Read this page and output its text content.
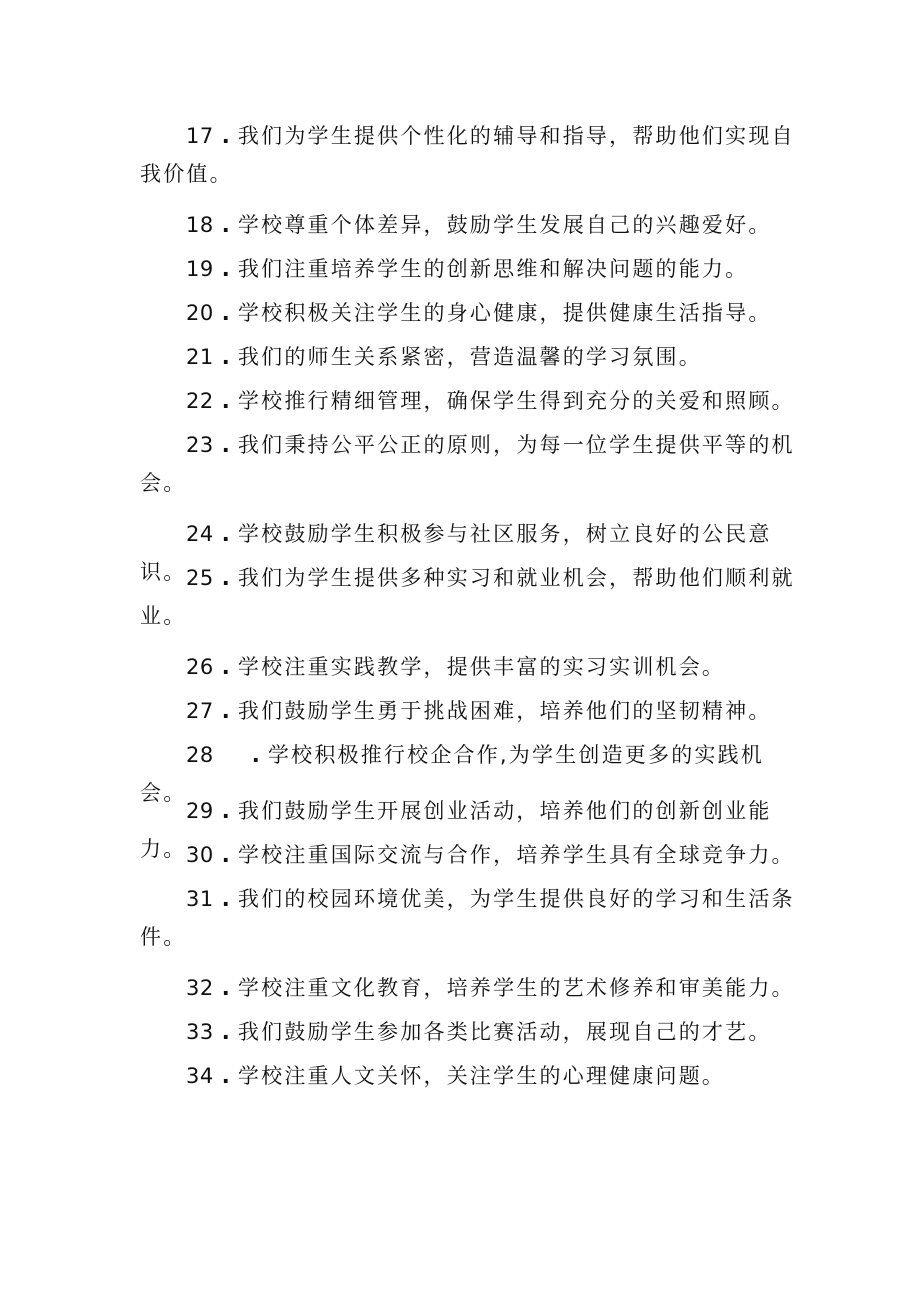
17 . 我们为学生提供个性化的辅导和指导，帮助他们实现自
我价值。

18 . 学校尊重个体差异，鼓励学生发展自己的兴趣爱好。

19 . 我们注重培养学生的创新思维和解决问题的能力。

20 . 学校积极关注学生的身心健康，提供健康生活指导。

21 . 我们的师生关系紧密，营造温馨的学习氛围。

22 . 学校推行精细管理，确保学生得到充分的关爱和照顾。

23 . 我们秉持公平公正的原则，为每一位学生提供平等的机
会。

24 . 学校鼓励学生积极参与社区服务，树立良好的公民意识。 25 . 我们为学生提供多种实习和就业机会，帮助他们顺利就
业。

26 . 学校注重实践教学，提供丰富的实习实训机会。

27 . 我们鼓励学生勇于挑战困难，培养他们的坚韧精神。

28 . 学校积极推行校企合作,为学生创造更多的实践机会。

29 . 我们鼓励学生开展创业活动，培养他们的创新创业能力。 30 . 学校注重国际交流与合作，培养学生具有全球竞争力。

31 . 我们的校园环境优美，为学生提供良好的学习和生活条
件。

32 . 学校注重文化教育，培养学生的艺术修养和审美能力。

33 . 我们鼓励学生参加各类比赛活动，展现自己的才艺。

34 . 学校注重人文关怀，关注学生的心理健康问题。
